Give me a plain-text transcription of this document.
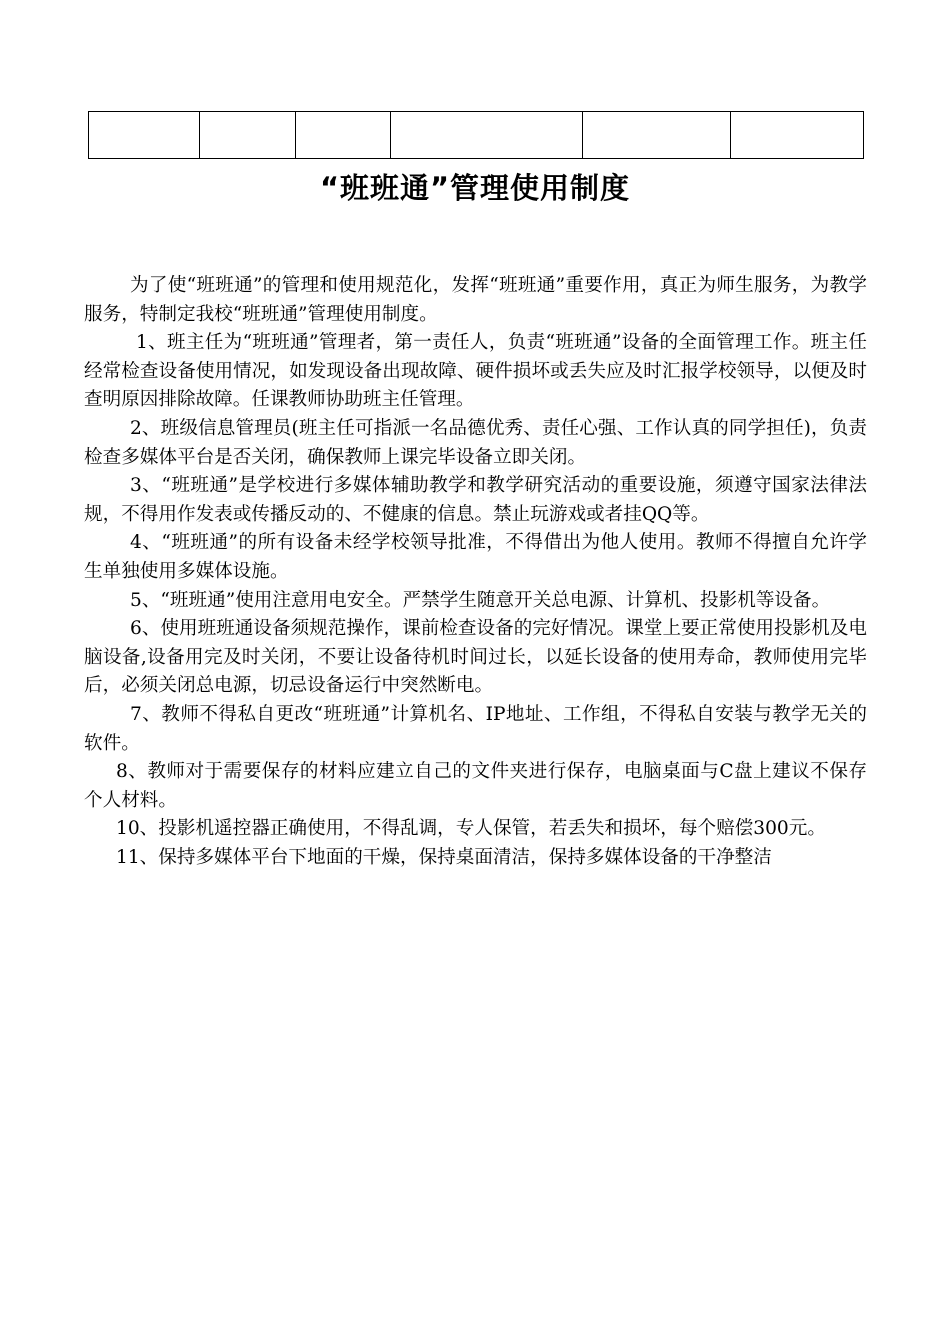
“班班通”管理使用制度

为了使“班班通”的管理和使用规范化，发挥“班班通”重要作用，真正为师生服务，为教学服务，特制定我校“班班通”管理使用制度。

1、班主任为“班班通”管理者，第一责任人，负责“班班通”设备的全面管理工作。班主任经常检查设备使用情况，如发现设备出现故障、硬件损坏或丢失应及时汇报学校领导，以便及时查明原因排除故障。任课教师协助班主任管理。

2、班级信息管理员(班主任可指派一名品德优秀、责任心强、工作认真的同学担任)，负责检查多媒体平台是否关闭，确保教师上课完毕设备立即关闭。

3、“班班通”是学校进行多媒体辅助教学和教学研究活动的重要设施，须遵守国家法律法规，不得用作发表或传播反动的、不健康的信息。禁止玩游戏或者挂QQ等。

4、“班班通”的所有设备未经学校领导批准，不得借出为他人使用。教师不得擅自允许学生单独使用多媒体设施。

5、“班班通”使用注意用电安全。严禁学生随意开关总电源、计算机、投影机等设备。

6、使用班班通设备须规范操作，课前检查设备的完好情况。课堂上要正常使用投影机及电脑设备,设备用完及时关闭，不要让设备待机时间过长，以延长设备的使用寿命，教师使用完毕后，必须关闭总电源，切忌设备运行中突然断电。

7、教师不得私自更改“班班通”计算机名、IP地址、工作组，不得私自安装与教学无关的软件。

8、教师对于需要保存的材料应建立自己的文件夹进行保存，电脑桌面与C盘上建议不保存个人材料。

10、投影机遥控器正确使用，不得乱调，专人保管，若丢失和损坏，每个赔偿300元。

11、保持多媒体平台下地面的干燥，保持桌面清洁，保持多媒体设备的干净整洁
